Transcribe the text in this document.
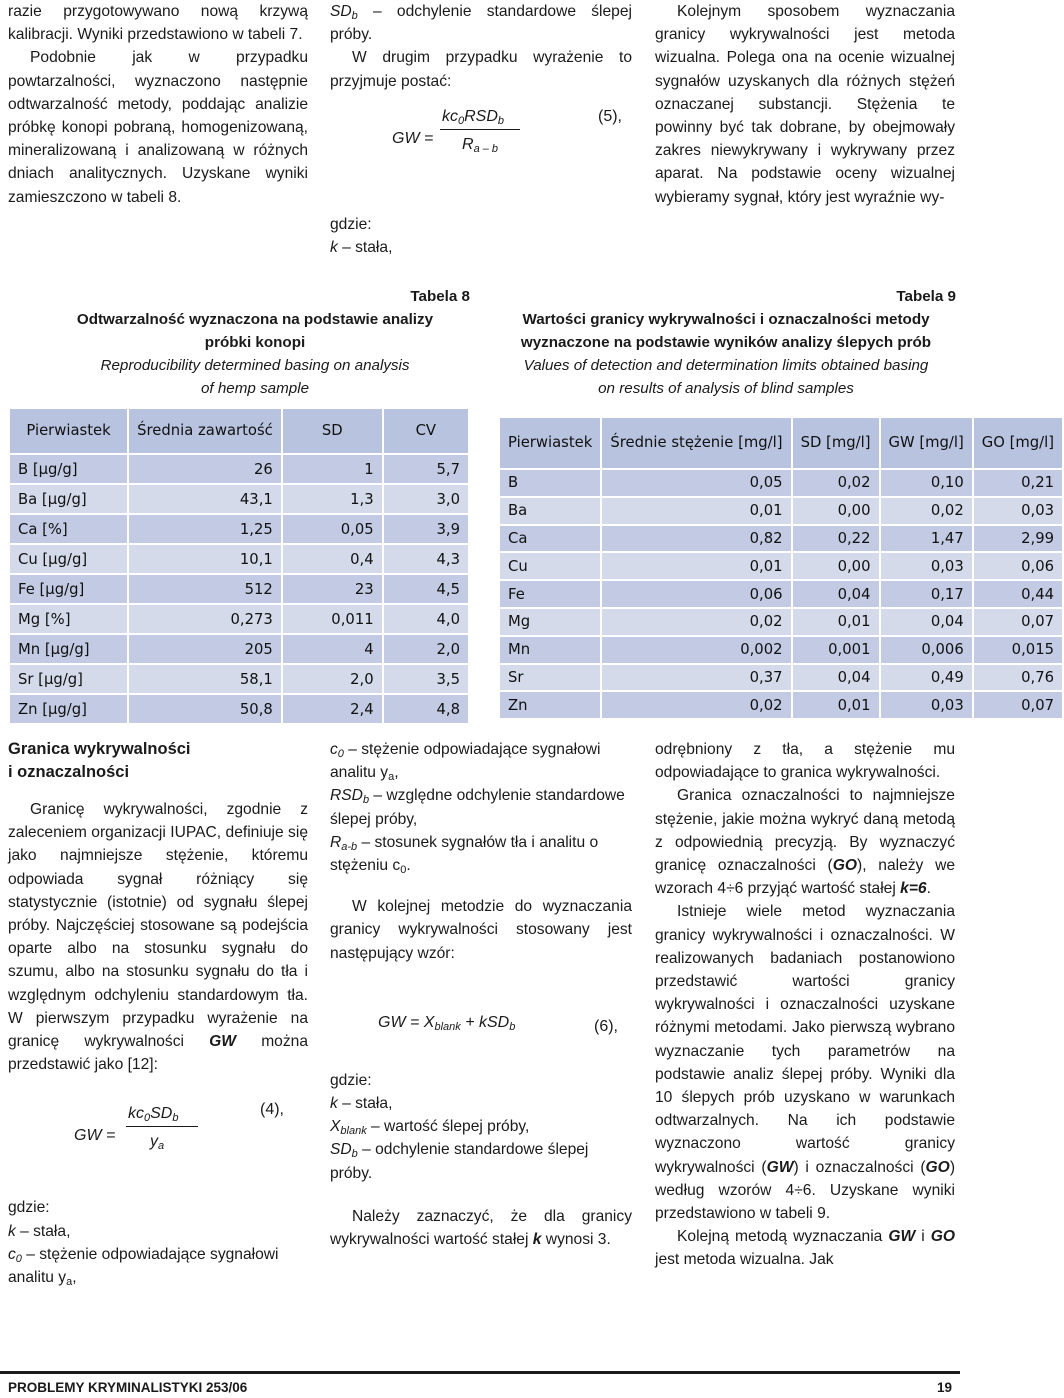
razie przygotowywano nową krzywą kalibracji. Wyniki przedstawiono w tabeli 7.

Podobnie jak w przypadku powtarzalności, wyznaczono następnie odtwarzalność metody, poddając analizie próbkę konopi pobraną, homogenizowaną, mineralizowaną i analizowaną w różnych dniach analitycznych. Uzyskane wyniki zamieszczono w tabeli 8.

$SD_b$ – odchylenie standardowe ślepej próby.

W drugim przypadku wyrażenie to przyjmuje postać:

GW =
$kc_0RSD_b$
$R_{a - b}$
(5),

gdzie:

k – stała,

Kolejnym sposobem wyznaczania granicy wykrywalności jest metoda wizualna. Polega ona na ocenie wizualnej sygnałów uzyskanych dla różnych stężeń oznaczanej substancji. Stężenia te powinny być tak dobrane, by obejmowały zakres niewykrywany i wykrywany przez aparat. Na podstawie oceny wizualnej wybieramy sygnał, który jest wyraźnie wy-

Tabela 8
Odtwarzalność wyznaczona na podstawie analizy
próbki konopi
Reproducibility determined basing on analysis
of hemp sample
Pierwiastek	Średnia zawartość	SD	CV
B [µg/g]	26	1	5,7
Ba [µg/g]	43,1	1,3	3,0
Ca [%]	1,25	0,05	3,9
Cu [µg/g]	10,1	0,4	4,3
Fe [µg/g]	512	23	4,5
Mg [%]	0,273	0,011	4,0
Mn [µg/g]	205	4	2,0
Sr [µg/g]	58,1	2,0	3,5
Zn [µg/g]	50,8	2,4	4,8
Tabela 9
Wartości granicy wykrywalności i oznaczalności metody
wyznaczone na podstawie wyników analizy ślepych prób
Values of detection and determination limits obtained basing
on results of analysis of blind samples
Pierwiastek	Średnie stężenie [mg/l]	SD [mg/l]	GW [mg/l]	GO [mg/l]
B	0,05	0,02	0,10	0,21
Ba	0,01	0,00	0,02	0,03
Ca	0,82	0,22	1,47	2,99
Cu	0,01	0,00	0,03	0,06
Fe	0,06	0,04	0,17	0,44
Mg	0,02	0,01	0,04	0,07
Mn	0,002	0,001	0,006	0,015
Sr	0,37	0,04	0,49	0,76
Zn	0,02	0,01	0,03	0,07

Granica wykrywalności

i oznaczalności

Granicę wykrywalności, zgodnie z zaleceniem organizacji IUPAC, definiuje się jako najmniejsze stężenie, któremu odpowiada sygnał różniący się statystycznie (istotnie) od sygnału ślepej próby. Najczęściej stosowane są podejścia oparte albo na stosunku sygnału do szumu, albo na stosunku sygnału do tła i względnym odchyleniu standardowym tła. W pierwszym przypadku wyrażenie na granicę wykrywalności GW można przedstawić jako [12]:

GW =
$kc_0SD_b$
$y_a$
(4),

gdzie:

k – stała,

$c_0$ – stężenie odpowiadające sygnałowi analitu $y_a$,

$c_0$ – stężenie odpowiadające sygnałowi analitu $y_a$,

$RSD_b$ – względne odchylenie standardowe ślepej próby,

$R_{a-b}$ – stosunek sygnałów tła i analitu o stężeniu $c_0$.

W kolejnej metodzie do wyznaczania granicy wykrywalności stosowany jest następujący wzór:

GW = $X_{blank} + kSD_b$	(6),

gdzie:

k – stała,

$X_{blank}$ – wartość ślepej próby,

$SD_b$ – odchylenie standardowe ślepej próby.

Należy zaznaczyć, że dla granicy wykrywalności wartość stałej k wynosi 3.

odrębniony z tła, a stężenie mu odpowiadające to granica wykrywalności.

Granica oznaczalności to najmniejsze stężenie, jakie można wykryć daną metodą z odpowiednią precyzją. By wyznaczyć granicę oznaczalności (GO), należy we wzorach 4÷6 przyjąć wartość stałej k=6.

Istnieje wiele metod wyznaczania granicy wykrywalności i oznaczalności. W realizowanych badaniach postanowiono przedstawić wartości granicy wykrywalności i oznaczalności uzyskane różnymi metodami. Jako pierwszą wybrano wyznaczanie tych parametrów na podstawie analiz ślepej próby. Wyniki dla 10 ślepych prób uzyskano w warunkach odtwarzalnych. Na ich podstawie wyznaczono wartość granicy wykrywalności (GW) i oznaczalności (GO) według wzorów 4÷6. Uzyskane wyniki przedstawiono w tabeli 9.

Kolejną metodą wyznaczania GW i GO jest metoda wizualna. Jak

PROBLEMY KRYMINALISTYKI 253/06	19
